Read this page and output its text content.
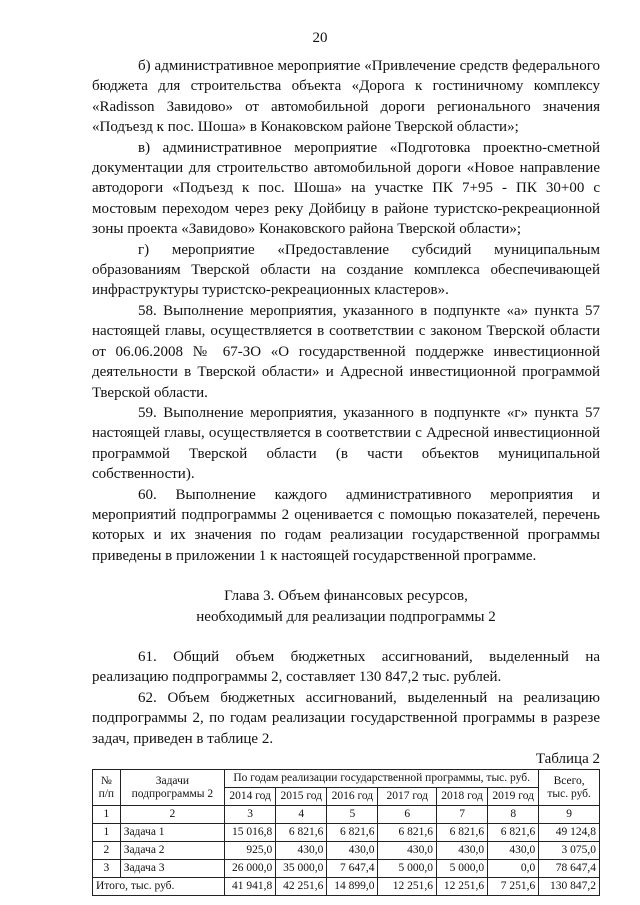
20

б) административное мероприятие «Привлечение средств федерального бюджета для строительства объекта «Дорога к гостиничному комплексу «Radisson Завидово» от автомобильной дороги регионального значения «Подъезд к пос. Шоша» в Конаковском районе Тверской области»;

в) административное мероприятие «Подготовка проектно-сметной документации для строительство автомобильной дороги «Новое направление автодороги «Подъезд к пос. Шоша» на участке ПК 7+95 - ПК 30+00 с мостовым переходом через реку Дойбицу в районе туристско-рекреационной зоны проекта «Завидово» Конаковского района Тверской области»;

г) мероприятие «Предоставление субсидий муниципальным образованиям Тверской области на создание комплекса обеспечивающей инфраструктуры туристско-рекреационных кластеров».

58. Выполнение мероприятия, указанного в подпункте «а» пункта 57 настоящей главы, осуществляется в соответствии с законом Тверской области от 06.06.2008 № 67-ЗО «О государственной поддержке инвестиционной деятельности в Тверской области» и Адресной инвестиционной программой Тверской области.

59. Выполнение мероприятия, указанного в подпункте «г» пункта 57 настоящей главы, осуществляется в соответствии с Адресной инвестиционной программой Тверской области (в части объектов муниципальной собственности).

60. Выполнение каждого административного мероприятия и мероприятий подпрограммы 2 оценивается с помощью показателей, перечень которых и их значения по годам реализации государственной программы приведены в приложении 1 к настоящей государственной программе.

Глава 3. Объем финансовых ресурсов,
необходимый для реализации подпрограммы 2

61. Общий объем бюджетных ассигнований, выделенный на реализацию подпрограммы 2, составляет 130 847,2 тыс. рублей.

62. Объем бюджетных ассигнований, выделенный на реализацию подпрограммы 2, по годам реализации государственной программы в разрезе задач, приведен в таблице 2.

Таблица 2
№ п/п	Задачи подпрограммы 2	По годам реализации государственной программы, тыс. руб.						Всего, тыс. руб.
		2014 год	2015 год	2016 год	2017 год	2018 год	2019 год	
1	2	3	4	5	6	7	8	9
1	Задача 1	15 016,8	6 821,6	6 821,6	6 821,6	6 821,6	6 821,6	49 124,8
2	Задача 2	925,0	430,0	430,0	430,0	430,0	430,0	3 075,0
3	Задача 3	26 000,0	35 000,0	7 647,4	5 000,0	5 000,0	0,0	78 647,4
Итого, тыс. руб.		41 941,8	42 251,6	14 899,0	12 251,6	12 251,6	7 251,6	130 847,2
